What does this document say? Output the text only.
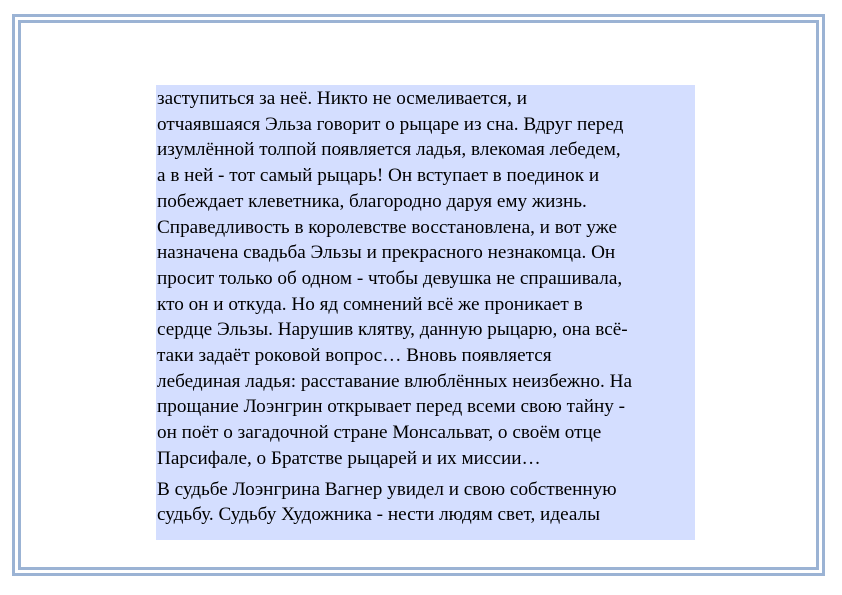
заступиться за неё. Никто не осмеливается, и
отчаявшаяся Эльза говорит о рыцаре из сна. Вдруг перед
изумлённой толпой появляется ладья, влекомая лебедем,
а в ней - тот самый рыцарь! Он вступает в поединок и
побеждает клеветника, благородно даруя ему жизнь.
Справедливость в королевстве восстановлена, и вот уже
назначена свадьба Эльзы и прекрасного незнакомца. Он
просит только об одном - чтобы девушка не спрашивала,
кто он и откуда. Но яд сомнений всё же проникает в
сердце Эльзы. Нарушив клятву, данную рыцарю, она всё-
таки задаёт роковой вопрос… Вновь появляется
лебединая ладья: расставание влюблённых неизбежно. На
прощание Лоэнгрин открывает перед всеми свою тайну -
он поёт о загадочной стране Монсальват, о своём отце
Парсифале, о Братстве рыцарей и их миссии…

В судьбе Лоэнгрина Вагнер увидел и свою собственную
судьбу. Судьбу Художника - нести людям свет, идеалы
